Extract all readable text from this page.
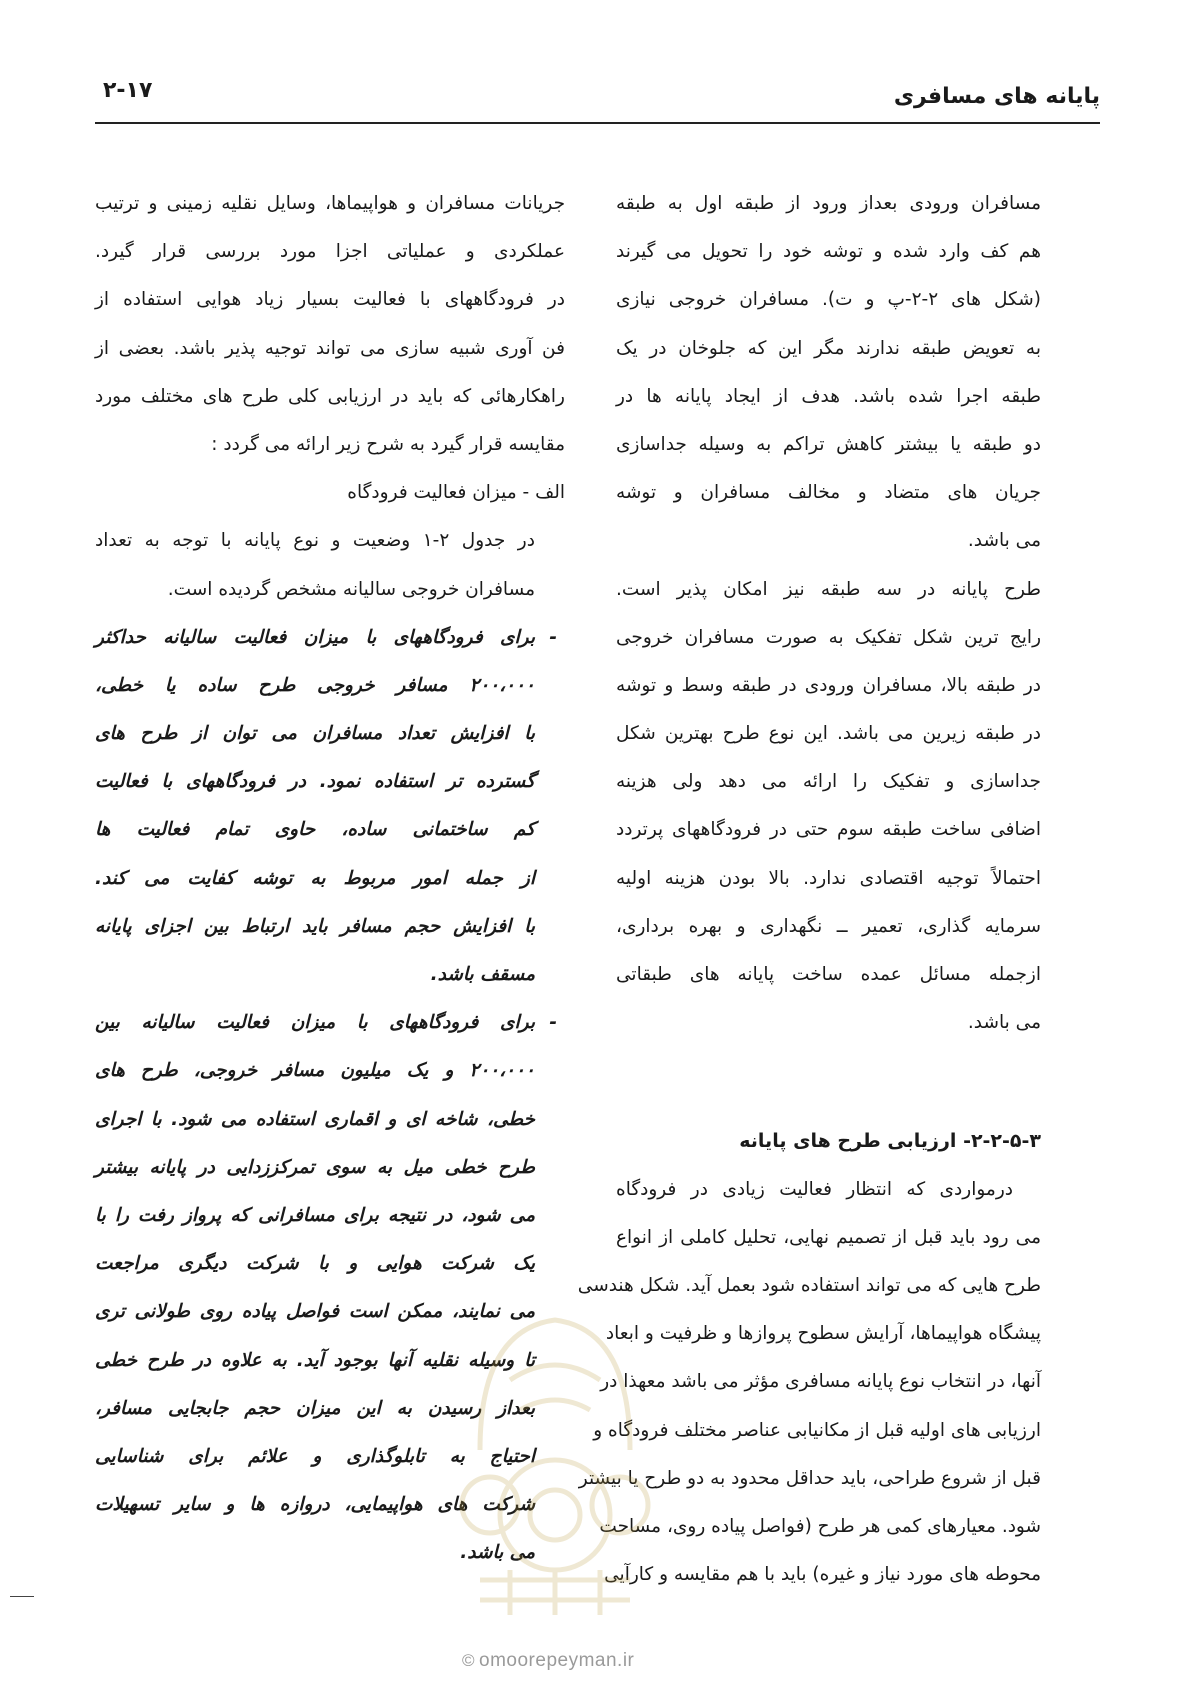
پایانه های مسافری
۲-۱۷
مسافران ورودی بعداز ورود از طبقه اول به طبقه
هم کف وارد شده و توشه خود را تحویل می گیرند
(شکل های ۲-۲-پ و ت). مسافران خروجی نیازی
به تعویض طبقه ندارند مگر این که جلوخان در یک
طبقه اجرا شده باشد. هدف از ایجاد پایانه ها در
دو طبقه یا بیشتر کاهش تراکم به وسیله جداسازی
جریان های متضاد و مخالف مسافران و توشه
می باشد.
طرح پایانه در سه طبقه نیز امکان پذیر است.
رایج ترین شکل تفکیک به صورت مسافران خروجی
در طبقه بالا، مسافران ورودی در طبقه وسط و توشه
در طبقه زیرین می باشد. این نوع طرح بهترین شکل
جداسازی و تفکیک را ارائه می دهد ولی هزینه
اضافی ساخت طبقه سوم حتی در فرودگاههای پرتردد
احتمالاً توجیه اقتصادی ندارد. بالا بودن هزینه اولیه
سرمایه گذاری، تعمیر ــ نگهداری و بهره برداری،
ازجمله مسائل عمده ساخت پایانه های طبقاتی
می باشد.
۲-۲-۵-۳- ارزیابی طرح های پایانه
درمواردی که انتظار فعالیت زیادی در فرودگاه
می رود باید قبل از تصمیم نهایی، تحلیل کاملی از انواع
طرح هایی که می تواند استفاده شود بعمل آید. شکل هندسی
پیشگاه هواپیماها، آرایش سطوح پروازها و ظرفیت و ابعاد
آنها، در انتخاب نوع پایانه مسافری مؤثر می باشد معهذا در
ارزیابی های اولیه قبل از مکانیابی عناصر مختلف فرودگاه و
قبل از شروع طراحی، باید حداقل محدود به دو طرح یا بیشتر
شود. معیارهای کمی هر طرح (فواصل پیاده روی، مساحت
محوطه های مورد نیاز و غیره) باید با هم مقایسه و کارآیی
جریانات مسافران و هواپیماها، وسایل نقلیه زمینی و ترتیب
عملکردی و عملیاتی اجزا مورد بررسی قرار گیرد.
در فرودگاههای با فعالیت بسیار زیاد هوایی استفاده از
فن آوری شبیه سازی می تواند توجیه پذیر باشد. بعضی از
راهکارهائی که باید در ارزیابی کلی طرح های مختلف مورد
مقایسه قرار گیرد به شرح زیر ارائه می گردد :
الف - میزان فعالیت فرودگاه
در جدول ۲-۱ وضعیت و نوع پایانه با توجه به تعداد
مسافران خروجی سالیانه مشخص گردیده است.
-
برای فرودگاههای با میزان فعالیت سالیانه حداکثر
۲۰۰،۰۰۰ مسافر خروجی طرح ساده یا خطی،
با افزایش تعداد مسافران می توان از طرح های
گسترده تر استفاده نمود. در فرودگاههای با فعالیت
کم ساختمانی ساده، حاوی تمام فعالیت ها
از جمله امور مربوط به توشه کفایت می کند.
با افزایش حجم مسافر باید ارتباط بین اجزای پایانه
مسقف باشد.
-
برای فرودگاههای با میزان فعالیت سالیانه بین
۲۰۰،۰۰۰ و یک میلیون مسافر خروجی، طرح های
خطی، شاخه ای و اقماری استفاده می شود. با اجرای
طرح خطی میل به سوی تمرکززدایی در پایانه بیشتر
می شود، در نتیجه برای مسافرانی که پرواز رفت را با
یک شرکت هوایی و با شرکت دیگری مراجعت
می نمایند، ممکن است فواصل پیاده روی طولانی تری
تا وسیله نقلیه آنها بوجود آید. به علاوه در طرح خطی
بعداز رسیدن به این میزان حجم جابجایی مسافر،
احتیاج به تابلوگذاری و علائم برای شناسایی
شرکت های هواپیمایی، دروازه ها و سایر تسهیلات
می باشد.
© omoorepeyman.ir
